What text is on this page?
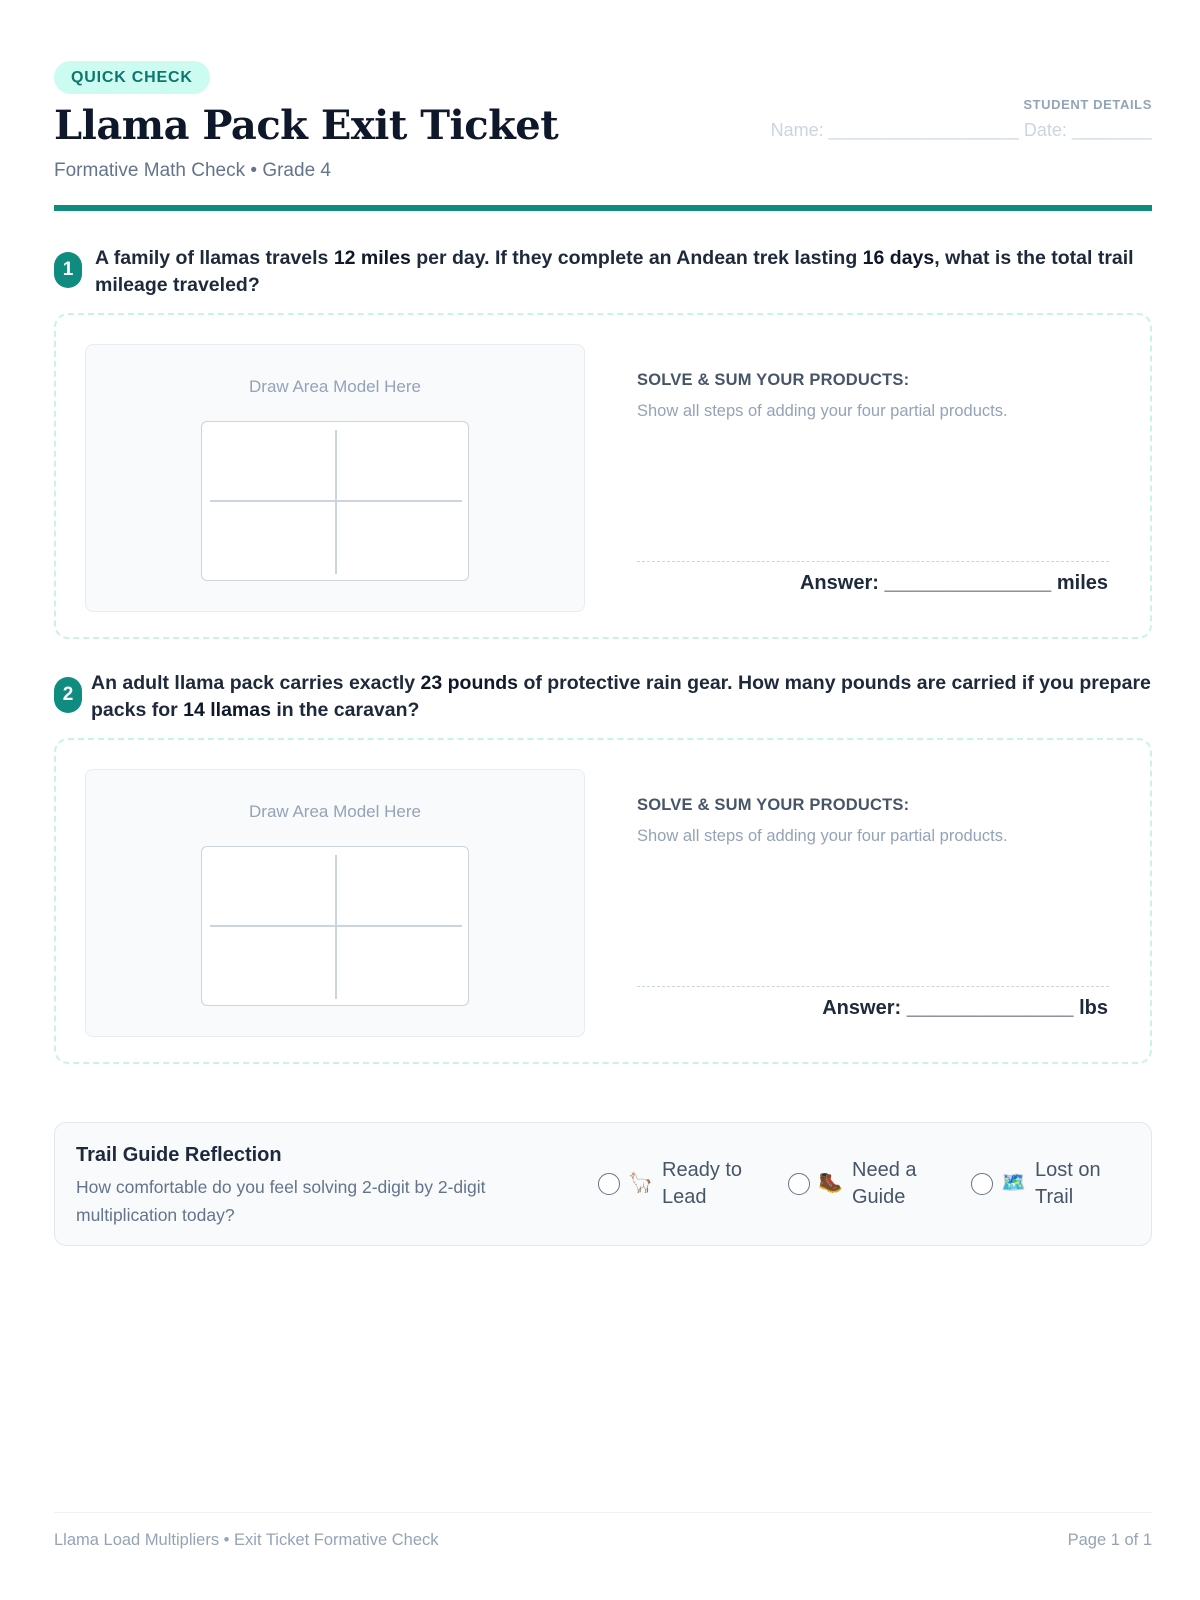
QUICK CHECK
Llama Pack Exit Ticket
Formative Math Check • Grade 4
STUDENT DETAILS
Name: ___________________ Date: ________
1
A family of llamas travels 12 miles per day. If they complete an Andean trek lasting 16 days, what is the total trail mileage traveled?
Draw Area Model Here	SOLVE & SUM YOUR PRODUCTS:
Show all steps of adding your four partial products.
Answer: _______________ miles
2
An adult llama pack carries exactly 23 pounds of protective rain gear. How many pounds are carried if you prepare packs for 14 llamas in the caravan?
Draw Area Model Here	SOLVE & SUM YOUR PRODUCTS:
Show all steps of adding your four partial products.
Answer: _______________ lbs
Trail Guide Reflection
How comfortable do you feel solving 2-digit by 2-digit multiplication today?
🦙
Ready to
Lead
🥾
Need a
Guide
🗺️
Lost on
Trail
Llama Load Multipliers • Exit Ticket Formative Check	Page 1 of 1
